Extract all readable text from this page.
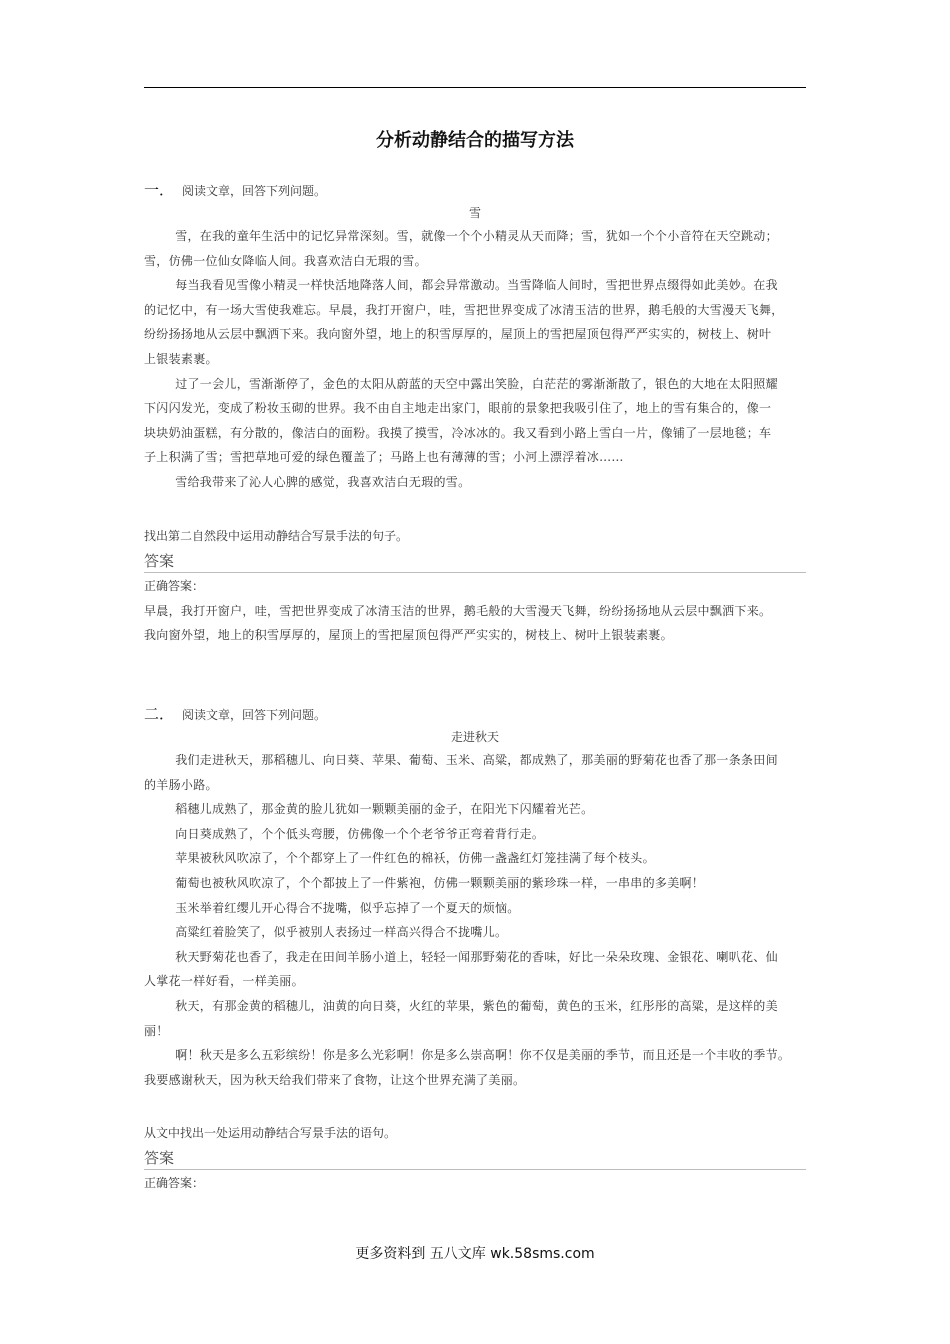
分析动静结合的描写方法
一． 阅读文章，回答下列问题。
雪

雪，在我的童年生活中的记忆异常深刻。雪，就像一个个小精灵从天而降；雪，犹如一个个小音符在天空跳动；

雪，仿佛一位仙女降临人间。我喜欢洁白无瑕的雪。

每当我看见雪像小精灵一样快活地降落人间，都会异常激动。当雪降临人间时，雪把世界点缀得如此美妙。在我

的记忆中，有一场大雪使我难忘。早晨，我打开窗户，哇，雪把世界变成了冰清玉洁的世界，鹅毛般的大雪漫天飞舞，

纷纷扬扬地从云层中飘洒下来。我向窗外望，地上的积雪厚厚的，屋顶上的雪把屋顶包得严严实实的，树枝上、树叶

上银装素裹。

过了一会儿，雪渐渐停了，金色的太阳从蔚蓝的天空中露出笑脸，白茫茫的雾渐渐散了，银色的大地在太阳照耀

下闪闪发光，变成了粉妆玉砌的世界。我不由自主地走出家门，眼前的景象把我吸引住了，地上的雪有集合的，像一

块块奶油蛋糕，有分散的，像洁白的面粉。我摸了摸雪，冷冰冰的。我又看到小路上雪白一片，像铺了一层地毯；车

子上积满了雪；雪把草地可爱的绿色覆盖了；马路上也有薄薄的雪；小河上漂浮着冰……

雪给我带来了沁人心脾的感觉，我喜欢洁白无瑕的雪。

找出第二自然段中运用动静结合写景手法的句子。
答案
正确答案：
早晨，我打开窗户，哇，雪把世界变成了冰清玉洁的世界，鹅毛般的大雪漫天飞舞，纷纷扬扬地从云层中飘洒下来。
我向窗外望，地上的积雪厚厚的，屋顶上的雪把屋顶包得严严实实的，树枝上、树叶上银装素裹。
二． 阅读文章，回答下列问题。
走进秋天

我们走进秋天，那稻穗儿、向日葵、苹果、葡萄、玉米、高粱，都成熟了，那美丽的野菊花也香了那一条条田间

的羊肠小路。

稻穗儿成熟了，那金黄的脸儿犹如一颗颗美丽的金子，在阳光下闪耀着光芒。

向日葵成熟了，个个低头弯腰，仿佛像一个个老爷爷正弯着背行走。

苹果被秋风吹凉了，个个都穿上了一件红色的棉袄，仿佛一盏盏红灯笼挂满了每个枝头。

葡萄也被秋风吹凉了，个个都披上了一件紫袍，仿佛一颗颗美丽的紫珍珠一样，一串串的多美啊！

玉米举着红缨儿开心得合不拢嘴，似乎忘掉了一个夏天的烦恼。

高粱红着脸笑了，似乎被别人表扬过一样高兴得合不拢嘴儿。

秋天野菊花也香了，我走在田间羊肠小道上，轻轻一闻那野菊花的香味，好比一朵朵玫瑰、金银花、喇叭花、仙

人掌花一样好看，一样美丽。

秋天，有那金黄的稻穗儿，油黄的向日葵，火红的苹果，紫色的葡萄，黄色的玉米，红彤彤的高粱，是这样的美

丽！

啊！秋天是多么五彩缤纷！你是多么光彩啊！你是多么崇高啊！你不仅是美丽的季节，而且还是一个丰收的季节。

我要感谢秋天，因为秋天给我们带来了食物，让这个世界充满了美丽。

从文中找出一处运用动静结合写景手法的语句。
答案
正确答案：
更多资料到 五八文库 wk.58sms.com
